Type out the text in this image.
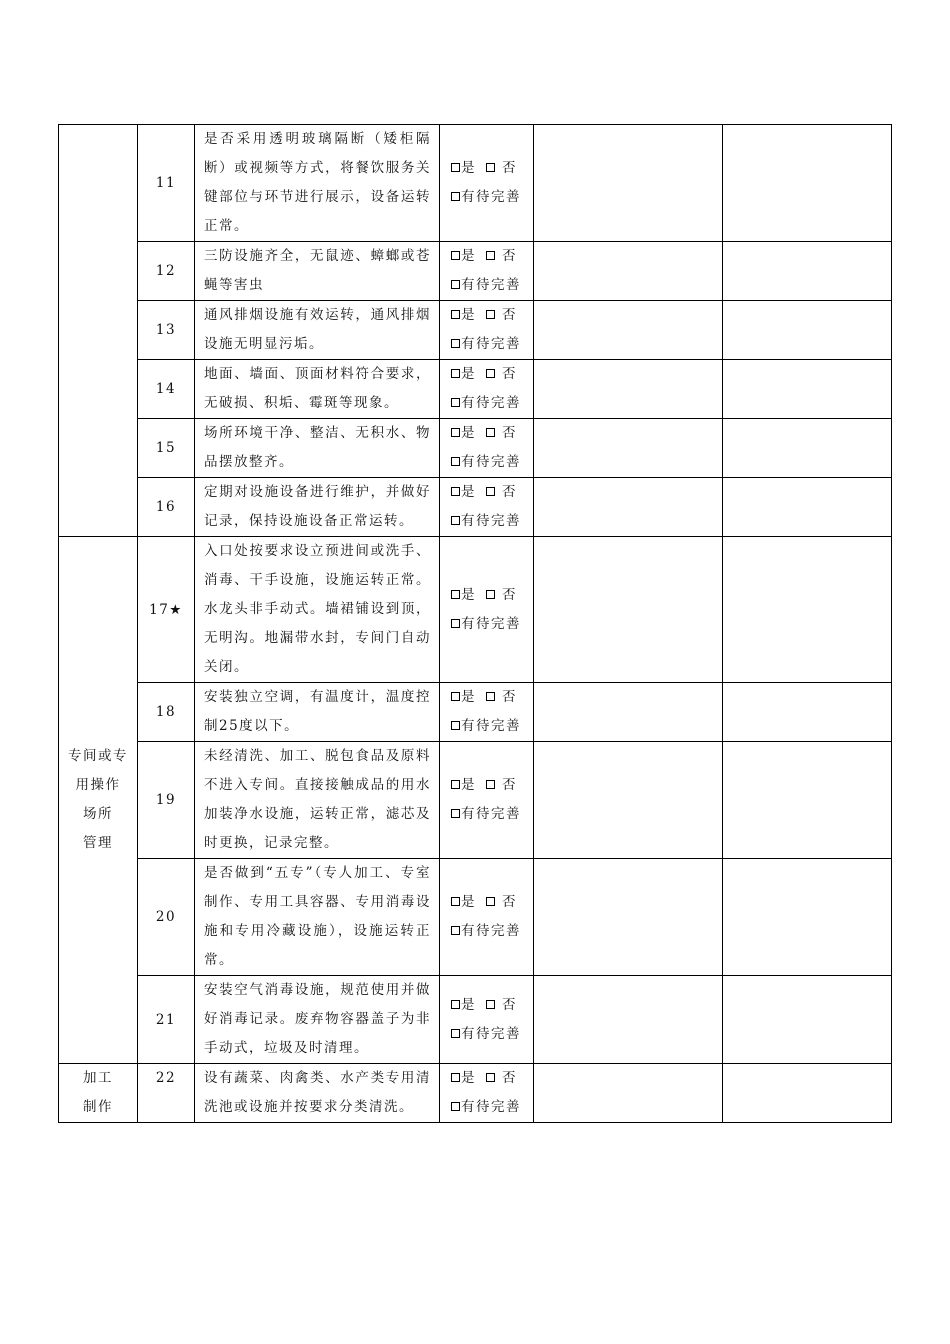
	11	是否采用透明玻璃隔断（矮柜隔断）或视频等方式，将餐饮服务关键部位与环节进行展示，设备运转正常。	是 否
有待完善		
	12	三防设施齐全，无鼠迹、蟑螂或苍蝇等害虫	是 否
有待完善		
	13	通风排烟设施有效运转，通风排烟设施无明显污垢。	是 否
有待完善		
	14	地面、墙面、顶面材料符合要求，无破损、积垢、霉斑等现象。	是 否
有待完善		
	15	场所环境干净、整洁、无积水、物品摆放整齐。	是 否
有待完善		
	16	定期对设施设备进行维护，并做好记录，保持设施设备正常运转。	是 否
有待完善		
专间或专
用操作
场所
管理	17★	入口处按要求设立预进间或洗手、消毒、干手设施，设施运转正常。水龙头非手动式。墙裙铺设到顶，无明沟。地漏带水封，专间门自动关闭。	是 否
有待完善		
	18	安装独立空调，有温度计，温度控制25度以下。	是 否
有待完善		
	19	未经清洗、加工、脱包食品及原料不进入专间。直接接触成品的用水加装净水设施，运转正常，滤芯及时更换，记录完整。	是 否
有待完善		
	20	是否做到“五专”（专人加工、专室制作、专用工具容器、专用消毒设施和专用冷藏设施），设施运转正常。	是 否
有待完善		
	21	安装空气消毒设施，规范使用并做好消毒记录。废弃物容器盖子为非手动式，垃圾及时清理。	是 否
有待完善		
加工
制作	22	设有蔬菜、肉禽类、水产类专用清洗池或设施并按要求分类清洗。	是 否
有待完善		
